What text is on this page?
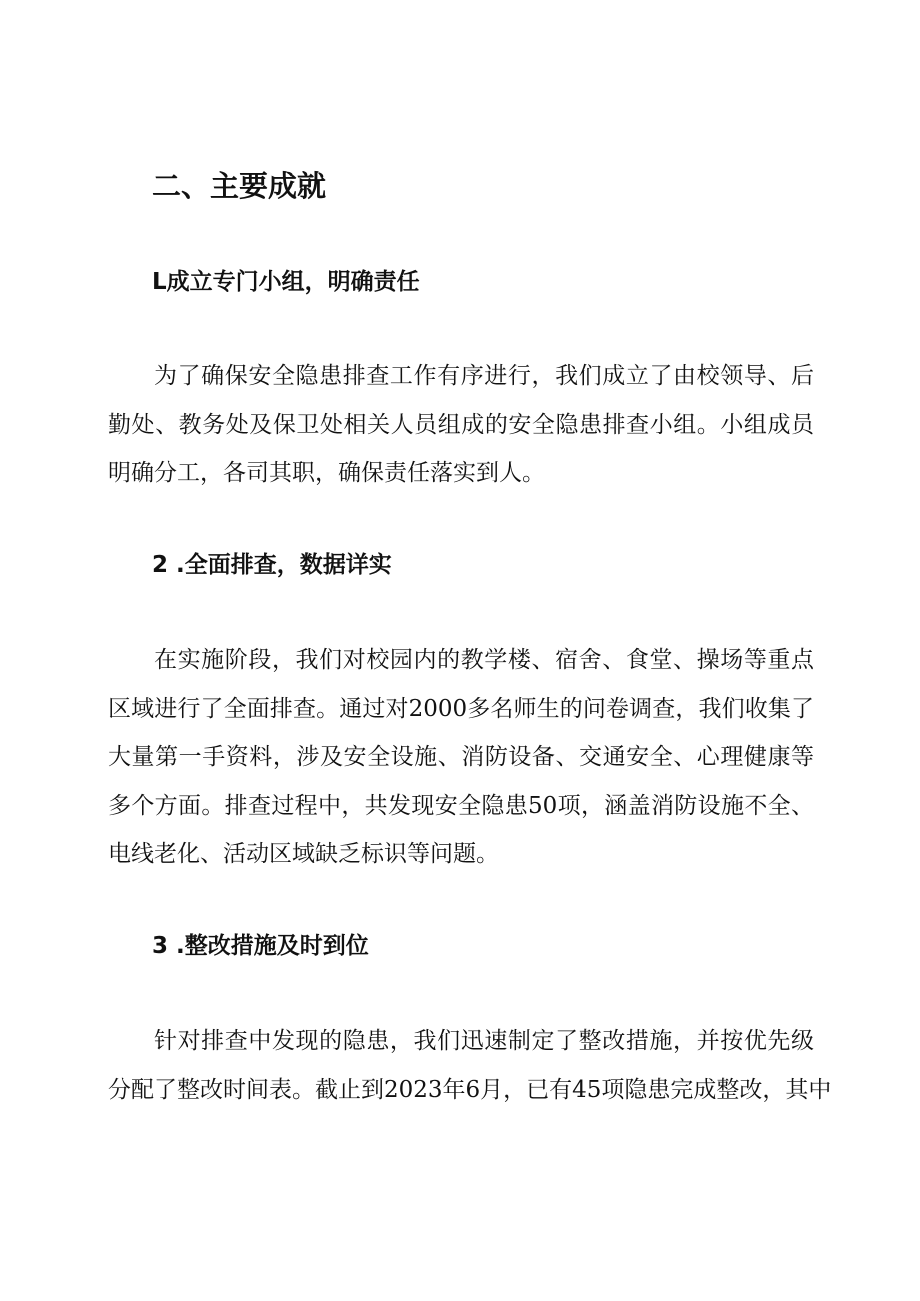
二、主要成就
L成立专门小组，明确责任
为了确保安全隐患排查工作有序进行，我们成立了由校领导、后
勤处、教务处及保卫处相关人员组成的安全隐患排查小组。小组成员
明确分工，各司其职，确保责任落实到人。
2 .全面排查，数据详实
在实施阶段，我们对校园内的教学楼、宿舍、食堂、操场等重点
区域进行了全面排查。通过对2000多名师生的问卷调查，我们收集了
大量第一手资料，涉及安全设施、消防设备、交通安全、心理健康等
多个方面。排查过程中，共发现安全隐患50项，涵盖消防设施不全、
电线老化、活动区域缺乏标识等问题。
3 .整改措施及时到位
针对排查中发现的隐患，我们迅速制定了整改措施，并按优先级
分配了整改时间表。截止到2023年6月，已有45项隐患完成整改，其中
